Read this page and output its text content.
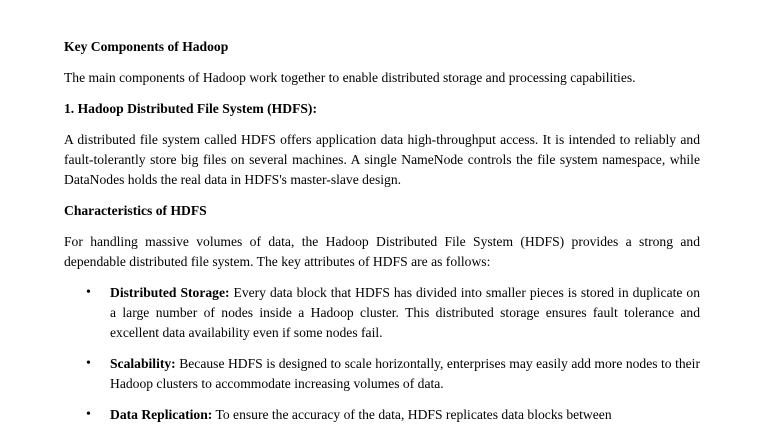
Key Components of Hadoop
The main components of Hadoop work together to enable distributed storage and processing capabilities.
1. Hadoop Distributed File System (HDFS):
A distributed file system called HDFS offers application data high-throughput access. It is intended to reliably and fault-tolerantly store big files on several machines. A single NameNode controls the file system namespace, while DataNodes holds the real data in HDFS's master-slave design.
Characteristics of HDFS
For handling massive volumes of data, the Hadoop Distributed File System (HDFS) provides a strong and dependable distributed file system. The key attributes of HDFS are as follows:
• Distributed Storage: Every data block that HDFS has divided into smaller pieces is stored in duplicate on a large number of nodes inside a Hadoop cluster. This distributed storage ensures fault tolerance and excellent data availability even if some nodes fail.
• Scalability: Because HDFS is designed to scale horizontally, enterprises may easily add more nodes to their Hadoop clusters to accommodate increasing volumes of data.
• Data Replication: To ensure the accuracy of the data, HDFS replicates data blocks between
